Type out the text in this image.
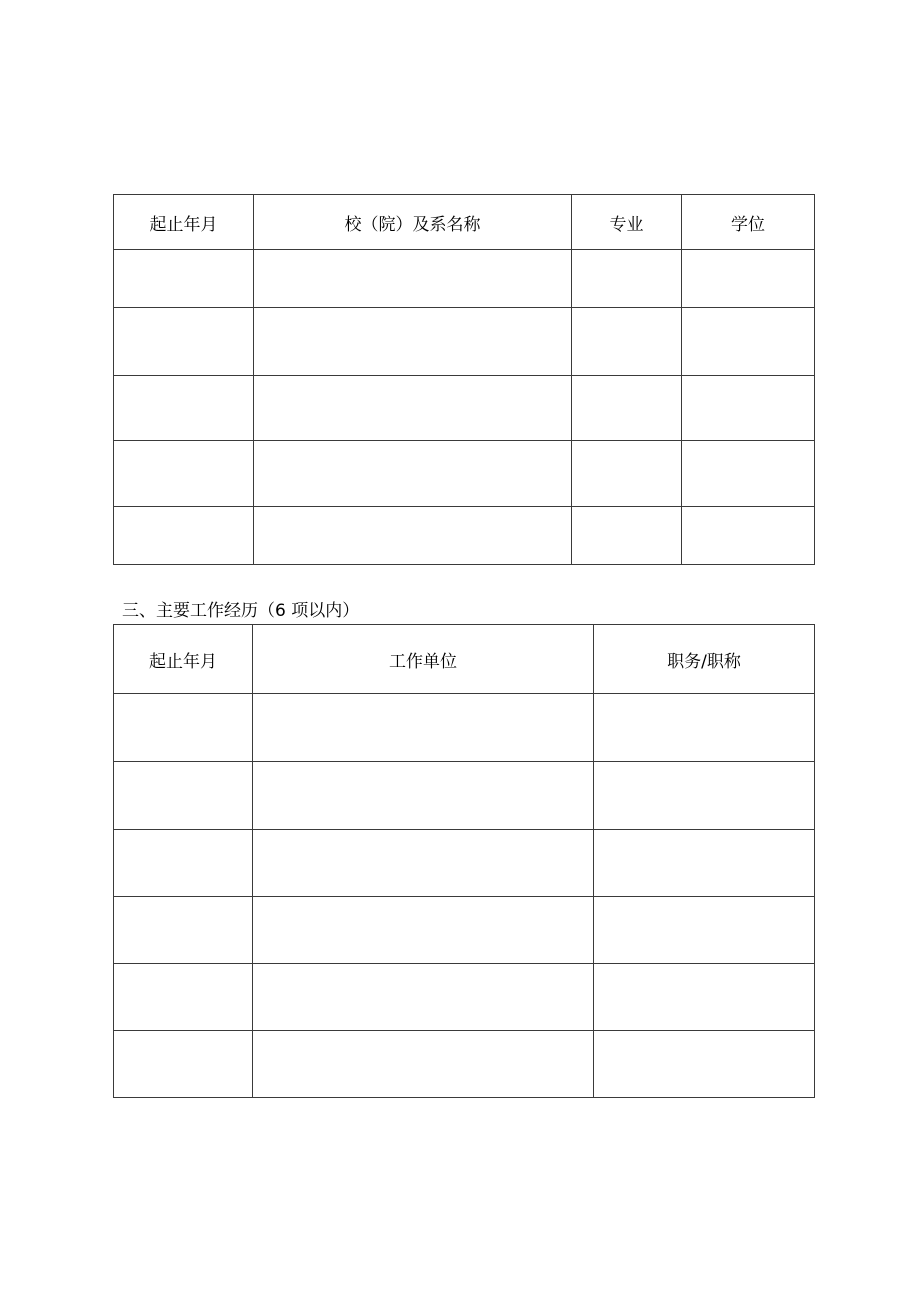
起止年月	校（院）及系名称	专业	学位

三、主要工作经历（6 项以内）
起止年月	工作单位	职务/职称
